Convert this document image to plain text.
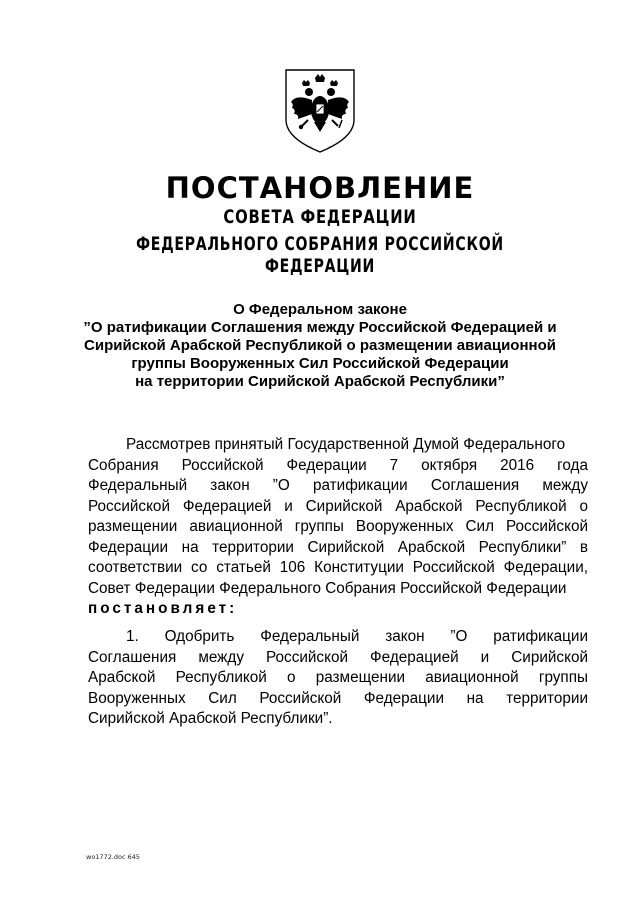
ПОСТАНОВЛЕНИЕ
СОВЕТА ФЕДЕРАЦИИ
ФЕДЕРАЛЬНОГО СОБРАНИЯ РОССИЙСКОЙ ФЕДЕРАЦИИ
О Федеральном законе
”О ратификации Соглашения между Российской Федерацией и
Сирийской Арабской Республикой о размещении авиационной
группы Вооруженных Сил Российской Федерации
на территории Сирийской Арабской Республики”
Рассмотрев принятый Государственной Думой Федерального
Собрания Российской Федерации 7 октября 2016 года
Федеральный закон ”О ратификации Соглашения между
Российской Федерацией и Сирийской Арабской Республикой о
размещении авиационной группы Вооруженных Сил Российской
Федерации на территории Сирийской Арабской Республики” в
соответствии со статьей 106 Конституции Российской Федерации,
Совет Федерации Федерального Собрания Российской Федерации
постановляет:
1. Одобрить Федеральный закон ”О ратификации
Соглашения между Российской Федерацией и Сирийской
Арабской Республикой о размещении авиационной группы
Вооруженных Сил Российской Федерации на территории
Сирийской Арабской Республики”.
wo1772.doc 645
